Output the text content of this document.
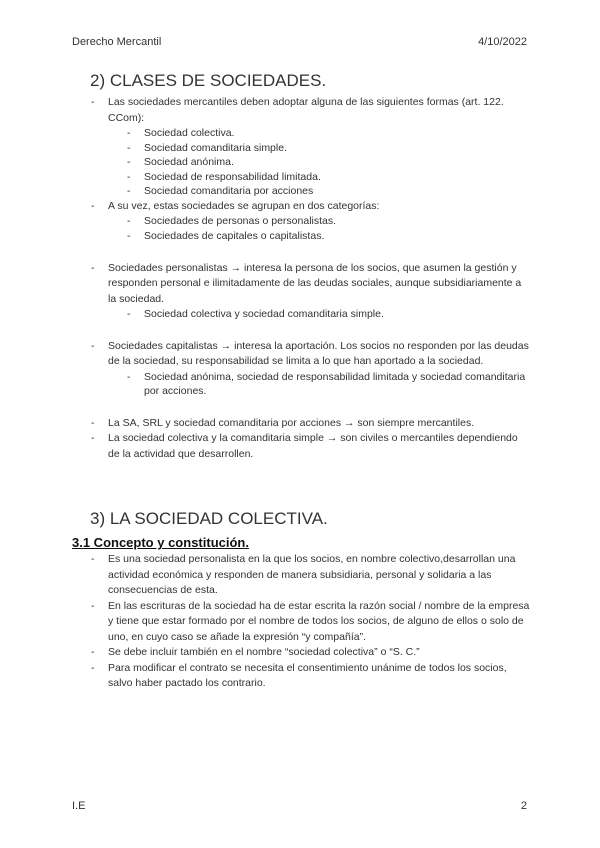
Derecho Mercantil	4/10/2022
2) CLASES DE SOCIEDADES.
- Las sociedades mercantiles deben adoptar alguna de las siguientes formas (art. 122. CCom):
- Sociedad colectiva.
- Sociedad comanditaria simple.
- Sociedad anónima.
- Sociedad de responsabilidad limitada.
- Sociedad comanditaria por acciones
- A su vez, estas sociedades se agrupan en dos categorías:
- Sociedades de personas o personalistas.
- Sociedades de capitales o capitalistas.
- Sociedades personalistas → interesa la persona de los socios, que asumen la gestión y responden personal e ilimitadamente de las deudas sociales, aunque subsidiariamente a la sociedad.
- Sociedad colectiva y sociedad comanditaria simple.
- Sociedades capitalistas → interesa la aportación. Los socios no responden por las deudas de la sociedad, su responsabilidad se limita a lo que han aportado a la sociedad.
- Sociedad anónima, sociedad de responsabilidad limitada y sociedad comanditaria por acciones.
- La SA, SRL y sociedad comanditaria por acciones → son siempre mercantiles.
- La sociedad colectiva y la comanditaria simple → son civiles o mercantiles dependiendo de la actividad que desarrollen.
3) LA SOCIEDAD COLECTIVA.
3.1 Concepto y constitución.
- Es una sociedad personalista en la que los socios, en nombre colectivo,desarrollan una actividad económica y responden de manera subsidiaria, personal y solidaria a las consecuencias de esta.
- En las escrituras de la sociedad ha de estar escrita la razón social / nombre de la empresa y tiene que estar formado por el nombre de todos los socios, de alguno de ellos o solo de uno, en cuyo caso se añade la expresión “y compañía”.
- Se debe incluir también en el nombre “sociedad colectiva” o “S. C.”
- Para modificar el contrato se necesita el consentimiento unánime de todos los socios, salvo haber pactado los contrario.
I.E	2
